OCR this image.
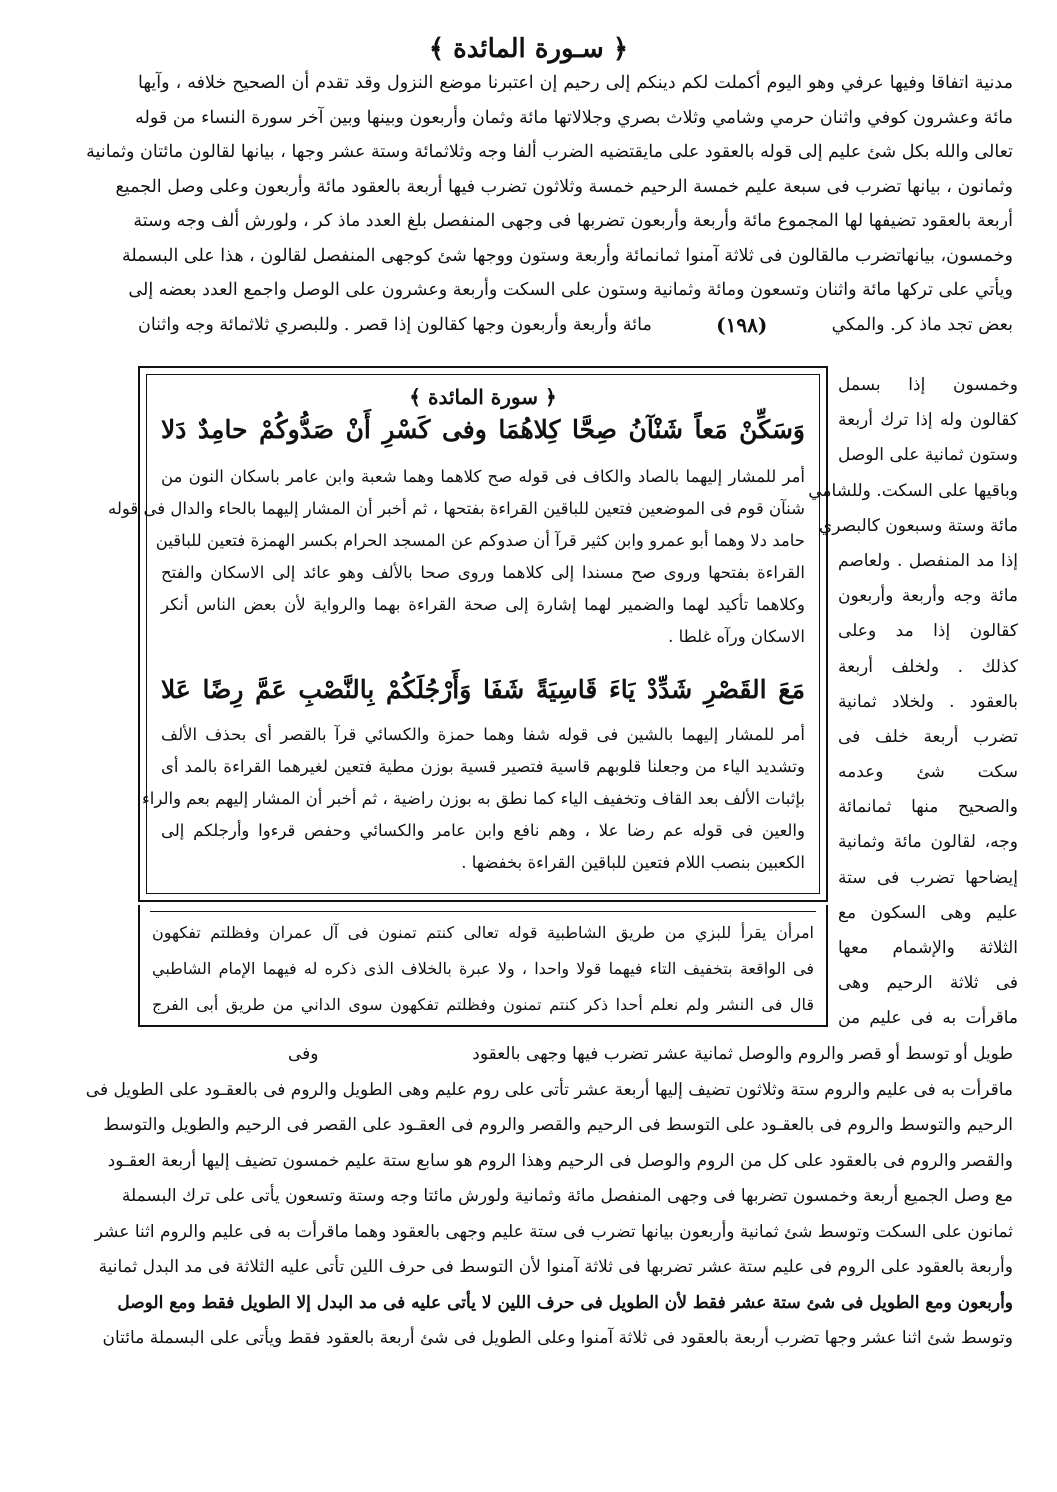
﴿ سـورة المائدة ﴾
مدنية اتفاقا وفيها عرفي وهو اليوم أكملت لكم دينكم إلى رحيم إن اعتبرنا موضع النزول وقد تقدم أن الصحيح خلافه ، وآيها
مائة وعشرون كوفي واثنان حرمي وشامي وثلاث بصري وجلالاتها مائة وثمان وأربعون وبينها وبين آخر سورة النساء من قوله
تعالى والله بكل شئ عليم إلى قوله بالعقود على مايقتضيه الضرب ألفا وجه وثلاثمائة وستة عشر وجها ، بيانها لقالون مائتان وثمانية
وثمانون ، بيانها تضرب فى سبعة علیم خمسة الرحيم خمسة وثلاثون تضرب فيها أربعة بالعقود مائة وأربعون وعلى وصل الجميع
أربعة بالعقود تضيفها لها المجموع مائة وأربعة وأربعون تضربها فى وجهى المنفصل بلغ العدد ماذ كر ، ولورش ألف وجه وستة
وخمسون، بيانهاتضرب مالقالون فى ثلاثة آمنوا ثمانمائة وأربعة وستون ووجها شئ كوجهى المنفصل لقالون ، هذا على البسملة
ويأتي على تركها مائة واثنان وتسعون ومائة وثمانية وستون على السكت وأربعة وعشرون على الوصل واجمع العدد بعضه إلى
بعض تجد ماذ كر. والمكي
(١٩٨)
مائة وأربعة وأربعون وجها كقالون إذا قصر . وللبصري ثلاثمائة وجه واثنان
﴿ سورة المائدة ﴾
وَسَكِّنْ مَعاً شَنْآنُ صِحَّا كِلاهُمَا وفى كَسْرِ أَنْ صَدُّوكُمْ حامِدٌ دَلا
أمر للمشار إليهما بالصاد والكاف فى قوله صح كلاهما وهما شعبة وابن عامر باسكان النون من
شنآن قوم فى الموضعين فتعين للباقين القراءة بفتحها ، ثم أخبر أن المشار إليهما بالحاء والدال فى قوله
حامد دلا وهما أبو عمرو وابن كثير قرآ أن صدوكم عن المسجد الحرام بكسر الهمزة فتعين للباقين
القراءة بفتحها وروى صح مسندا إلى كلاهما وروى صحا بالألف وهو عائد إلى الاسكان والفتح
وكلاهما تأكيد لهما والضمير لهما إشارة إلى صحة القراءة بهما والرواية لأن بعض الناس أنكر
الاسكان ورآه غلطا .
مَعَ القَصْرِ شَدِّدْ يَاءَ قَاسِيَةً شَفَا وَأَرْجُلَكُمْ بِالنَّصْبِ عَمَّ رِضًا عَلا
أمر للمشار إليهما بالشين فى قوله شفا وهما حمزة والكسائي قرآ بالقصر أى بحذف الألف
وتشديد الياء من وجعلنا قلوبهم قاسية فتصير قسية بوزن مطية فتعين لغيرهما القراءة بالمد أى
بإثبات الألف بعد القاف وتخفيف الياء كما نطق به بوزن راضية ، ثم أخبر أن المشار إليهم بعم والراء
والعين فى قوله عم رضا علا ، وهم نافع وابن عامر والكسائي وحفص قرءوا وأرجلكم إلى
الكعبين بنصب اللام فتعين للباقين القراءة بخفضها .
امرأن يقرأ للبزي من طريق الشاطبية قوله تعالى كنتم تمنون فى آل عمران وفظلتم تفكهون
فى الواقعة بتخفيف التاء فيهما قولا واحدا ، ولا عبرة بالخلاف الذى ذكره له فيهما الإمام الشاطبي
قال فى النشر ولم نعلم أحدا ذكر كنتم تمنون وفظلتم تفكهون سوى الداني من طريق أبى الفرج
وخمسون إذا بسمل
كقالون وله إذا ترك أربعة
وستون ثمانية على الوصل
وباقيها على السكت. وللشامي
مائة وستة وسبعون كالبصري
إذا مد المنفصل . ولعاصم
مائة وجه وأربعة وأربعون
كقالون إذا مد وعلى
كذلك . ولخلف أربعة
بالعقود . ولخلاد ثمانية
تضرب أربعة خلف فى
سكت شئ وعدمه
والصحيح منها ثمانمائة
وجه، لقالون مائة وثمانية
إيضاحها تضرب فى ستة
عليم وهى السكون مع
الثلاثة والإشمام معها
فى ثلاثة الرحيم وهى
ماقرأت به فى عليم من
طويل أو توسط أو قصر والروم والوصل ثمانية عشر تضرب فيها وجهى بالعقود
وفى
ماقرأت به فى عليم والروم ستة وثلاثون تضيف إليها أربعة عشر تأتى على روم عليم وهى الطويل والروم فى بالعقـود على الطويل فى
الرحيم والتوسط والروم فى بالعقـود على التوسط فى الرحيم والقصر والروم فى العقـود على القصر فى الرحيم والطويل والتوسط
والقصر والروم فى بالعقود على كل من الروم والوصل فى الرحيم وهذا الروم هو سابع ستة عليم خمسون تضيف إليها أربعة العقـود
مع وصل الجميع أربعة وخمسون تضربها فى وجهى المنفصل مائة وثمانية ولورش مائتا وجه وستة وتسعون يأتى على ترك البسملة
ثمانون على السكت وتوسط شئ ثمانية وأربعون بيانها تضرب فى ستة عليم وجهى بالعقود وهما ماقرأت به فى عليم والروم اثنا عشر
وأربعة بالعقود على الروم فى عليم ستة عشر تضربها فى ثلاثة آمنوا لأن التوسط فى حرف اللين تأتى عليه الثلاثة فى مد البدل ثمانية
وأربعون ومع الطويل فى شئ ستة عشر فقط لأن الطويل فى حرف اللين لا يأتى عليه فى مد البدل إلا الطويل فقط ومع الوصل
وتوسط شئ اثنا عشر وجها تضرب أربعة بالعقود فى ثلاثة آمنوا وعلى الطويل فى شئ أربعة بالعقود فقط ويأتى على البسملة مائتان
